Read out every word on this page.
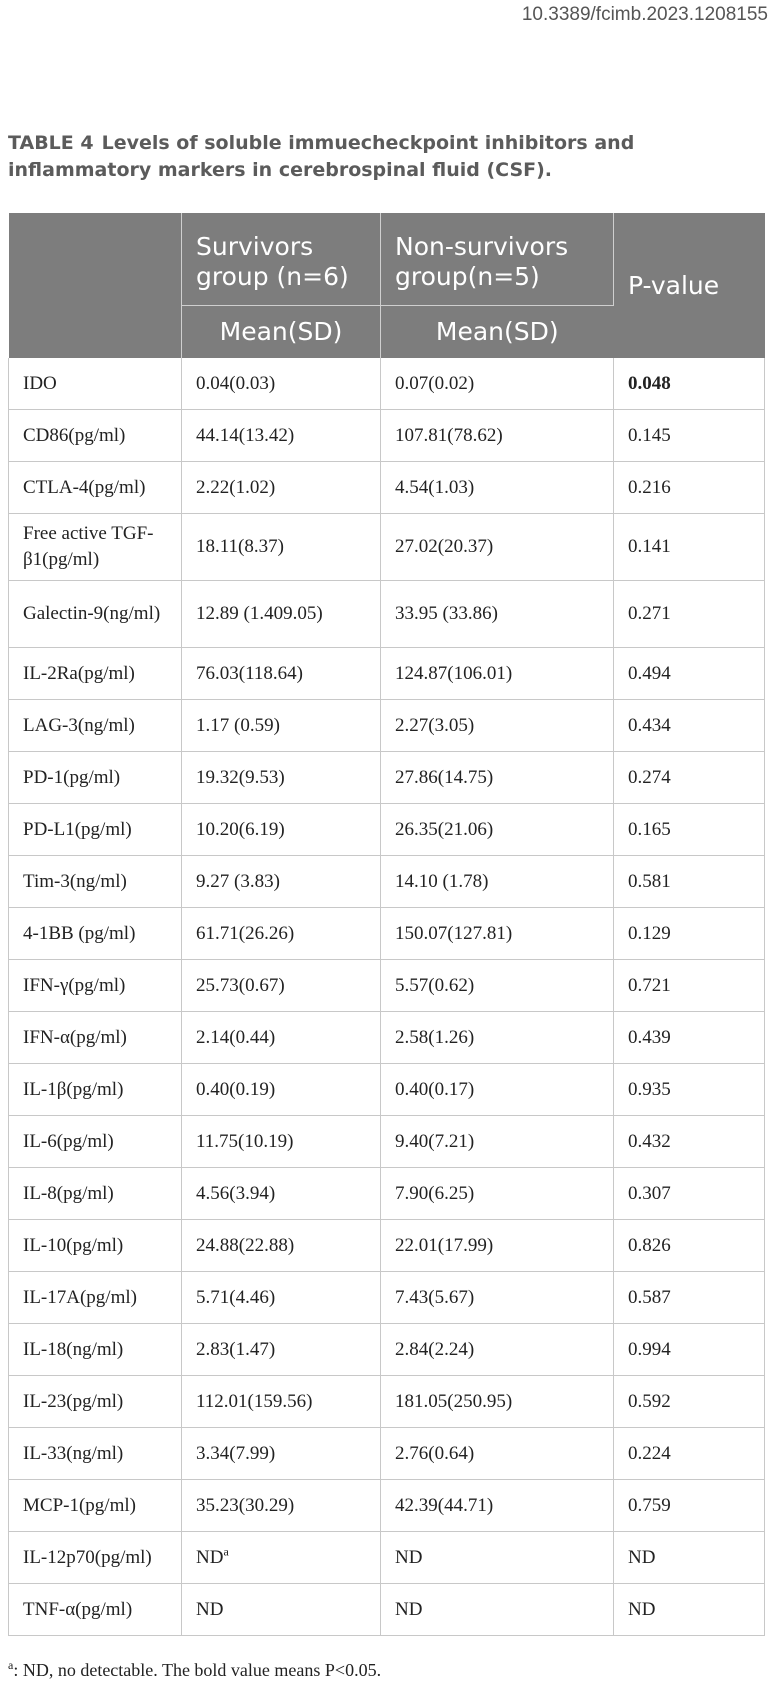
10.3389/fcimb.2023.1208155

TABLE 4 Levels of soluble immuecheckpoint inhibitors and inflammatory markers in cerebrospinal fluid (CSF).

	Survivors group (n=6)	Non-survivors group(n=5)	P-value
	Mean(SD)	Mean(SD)	
IDO	0.04(0.03)	0.07(0.02)	0.048
CD86(pg/ml)	44.14(13.42)	107.81(78.62)	0.145
CTLA-4(pg/ml)	2.22(1.02)	4.54(1.03)	0.216
Free active TGF-β1(pg/ml)	18.11(8.37)	27.02(20.37)	0.141
Galectin-9(ng/ml)	12.89 (1.409.05)	33.95 (33.86)	0.271
IL-2Ra(pg/ml)	76.03(118.64)	124.87(106.01)	0.494
LAG-3(ng/ml)	1.17 (0.59)	2.27(3.05)	0.434
PD-1(pg/ml)	19.32(9.53)	27.86(14.75)	0.274
PD-L1(pg/ml)	10.20(6.19)	26.35(21.06)	0.165
Tim-3(ng/ml)	9.27 (3.83)	14.10 (1.78)	0.581
4-1BB (pg/ml)	61.71(26.26)	150.07(127.81)	0.129
IFN-γ(pg/ml)	25.73(0.67)	5.57(0.62)	0.721
IFN-α(pg/ml)	2.14(0.44)	2.58(1.26)	0.439
IL-1β(pg/ml)	0.40(0.19)	0.40(0.17)	0.935
IL-6(pg/ml)	11.75(10.19)	9.40(7.21)	0.432
IL-8(pg/ml)	4.56(3.94)	7.90(6.25)	0.307
IL-10(pg/ml)	24.88(22.88)	22.01(17.99)	0.826
IL-17A(pg/ml)	5.71(4.46)	7.43(5.67)	0.587
IL-18(ng/ml)	2.83(1.47)	2.84(2.24)	0.994
IL-23(pg/ml)	112.01(159.56)	181.05(250.95)	0.592
IL-33(ng/ml)	3.34(7.99)	2.76(0.64)	0.224
MCP-1(pg/ml)	35.23(30.29)	42.39(44.71)	0.759
IL-12p70(pg/ml)	$ND^a$	ND	ND
TNF-α(pg/ml)	ND	ND	ND

$^a$: ND, no detectable. The bold value means P<0.05.
